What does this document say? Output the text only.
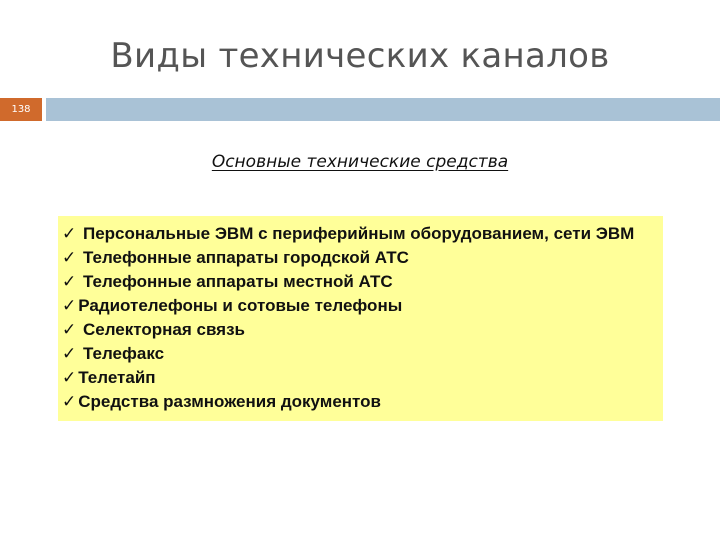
Виды технических каналов
138
Основные технические средства
✓ Персональные ЭВМ с периферийным оборудованием, сети ЭВМ
✓ Телефонные аппараты городской АТС
✓ Телефонные аппараты местной АТС
✓ Радиотелефоны и сотовые телефоны
✓ Селекторная связь
✓ Телефакс
✓ Телетайп
✓ Средства размножения документов
